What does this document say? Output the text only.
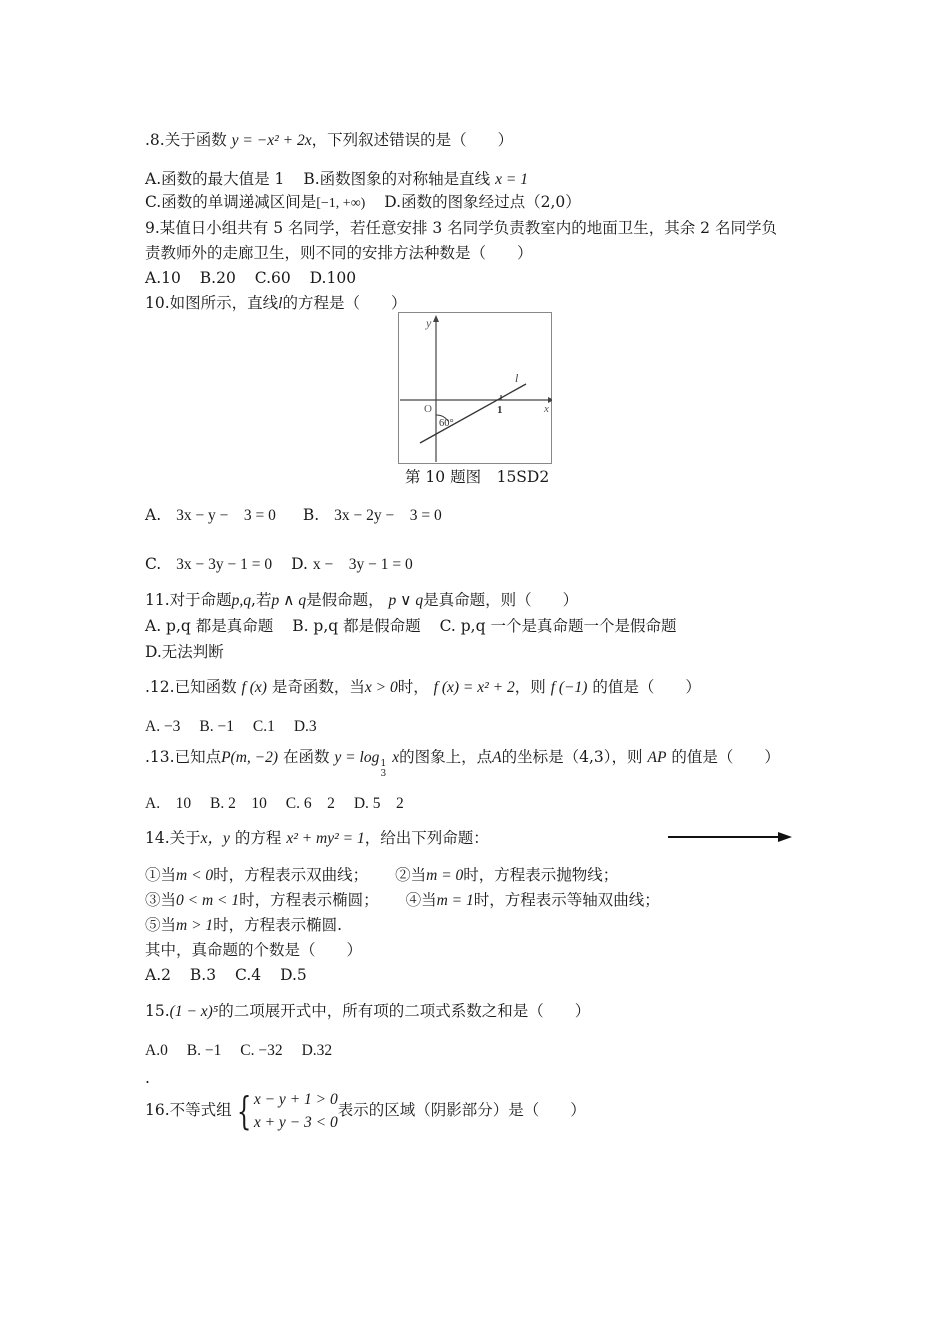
.8.关于函数 y = −x² + 2x，下列叙述错误的是（　　）
A.函数的最大值是 1 B.函数图象的对称轴是直线 x = 1
C.函数的单调递减区间是[−1, +∞) D.函数的图象经过点（2,0）
9.某值日小组共有 5 名同学，若任意安排 3 名同学负责教室内的地面卫生，其余 2 名同学负
责教师外的走廊卫生，则不同的安排方法种数是（　　）
A.10 B.20 C.60 D.100
10.如图所示，直线l的方程是（　　）
y
x
O	1
l
60°
第 10 题图　15SD2
A. 3x − y −　3 = 0 B. 3x − 2y −　3 = 0
C. 3x − 3y − 1 = 0 D. x −　3y − 1 = 0
11.对于命题p,q,若p ∧ q是假命题， p ∨ q是真命题，则（　　）
A. p,q 都是真命题 B. p,q 都是假命题 C. p,q 一个是真命题一个是假命题
D.无法判断
.12.已知函数 f (x) 是奇函数，当x > 0时， f (x) = x² + 2，则 f (−1) 的值是（　　）
A. −3 B. −1 C.1 D.3
.13.已知点P(m, −2) 在函数 y = log1
3 x的图象上，点A的坐标是（4,3），则 AP 的值是（　　）
A.　10 B. 2　10 C. 6　2 D. 5　2
14.关于x，y 的方程 x² + my² = 1，给出下列命题：
①当m < 0时，方程表示双曲线； ②当m = 0时，方程表示抛物线；
③当0 < m < 1时，方程表示椭圆； ④当m = 1时，方程表示等轴双曲线；
⑤当m > 1时，方程表示椭圆.
其中，真命题的个数是（　　）
A.2 B.3 C.4 D.5
15.(1 − x)⁵的二项展开式中，所有项的二项式系数之和是（　　）
A.0 B. −1 C. −32 D.32
.
16.不等式组 { x − y + 1 > 0
x + y − 3 < 0表示的区域（阴影部分）是（　　）
